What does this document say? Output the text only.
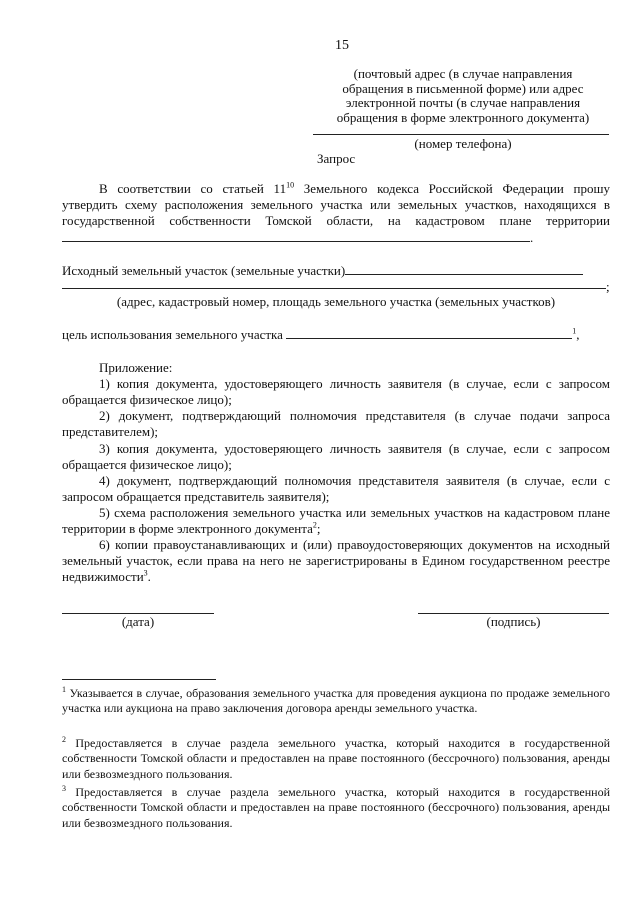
15
(почтовый адрес (в случае направления
обращения в письменной форме) или адрес
электронной почты (в случае направления
обращения в форме электронного документа)
(номер телефона)
Запрос
В соответствии со статьей $11^{10}$ Земельного кодекса Российской Федерации прошу утвердить схему расположения земельного участка или земельных участков, находящихся в государственной собственности Томской области, на кадастровом плане территории.
Исходный земельный участок (земельные участки)
;
(адрес, кадастровый номер, площадь земельного участка (земельных участков)
цель использования земельного участка	$^1$,
Приложение:
1) копия документа, удостоверяющего личность заявителя (в случае, если с запросом обращается физическое лицо);
2) документ, подтверждающий полномочия представителя (в случае подачи запроса представителем);
3) копия документа, удостоверяющего личность заявителя (в случае, если с запросом обращается физическое лицо);
4) документ, подтверждающий полномочия представителя заявителя (в случае, если с запросом обращается представитель заявителя);
5) схема расположения земельного участка или земельных участков на кадастровом плане территории в форме электронного документа$^2$;
6) копии правоустанавливающих и (или) правоудостоверяющих документов на исходный земельный участок, если права на него не зарегистрированы в Едином государственном реестре недвижимости$^3$.
(дата)	(подпись)
$^1$ Указывается в случае, образования земельного участка для проведения аукциона по продаже земельного участка или аукциона на право заключения договора аренды земельного участка.
$^2$ Предоставляется в случае раздела земельного участка, который находится в государственной собственности Томской области и предоставлен на праве постоянного (бессрочного) пользования, аренды или безвозмездного пользования.
$^3$ Предоставляется в случае раздела земельного участка, который находится в государственной собственности Томской области и предоставлен на праве постоянного (бессрочного) пользования, аренды или безвозмездного пользования.
